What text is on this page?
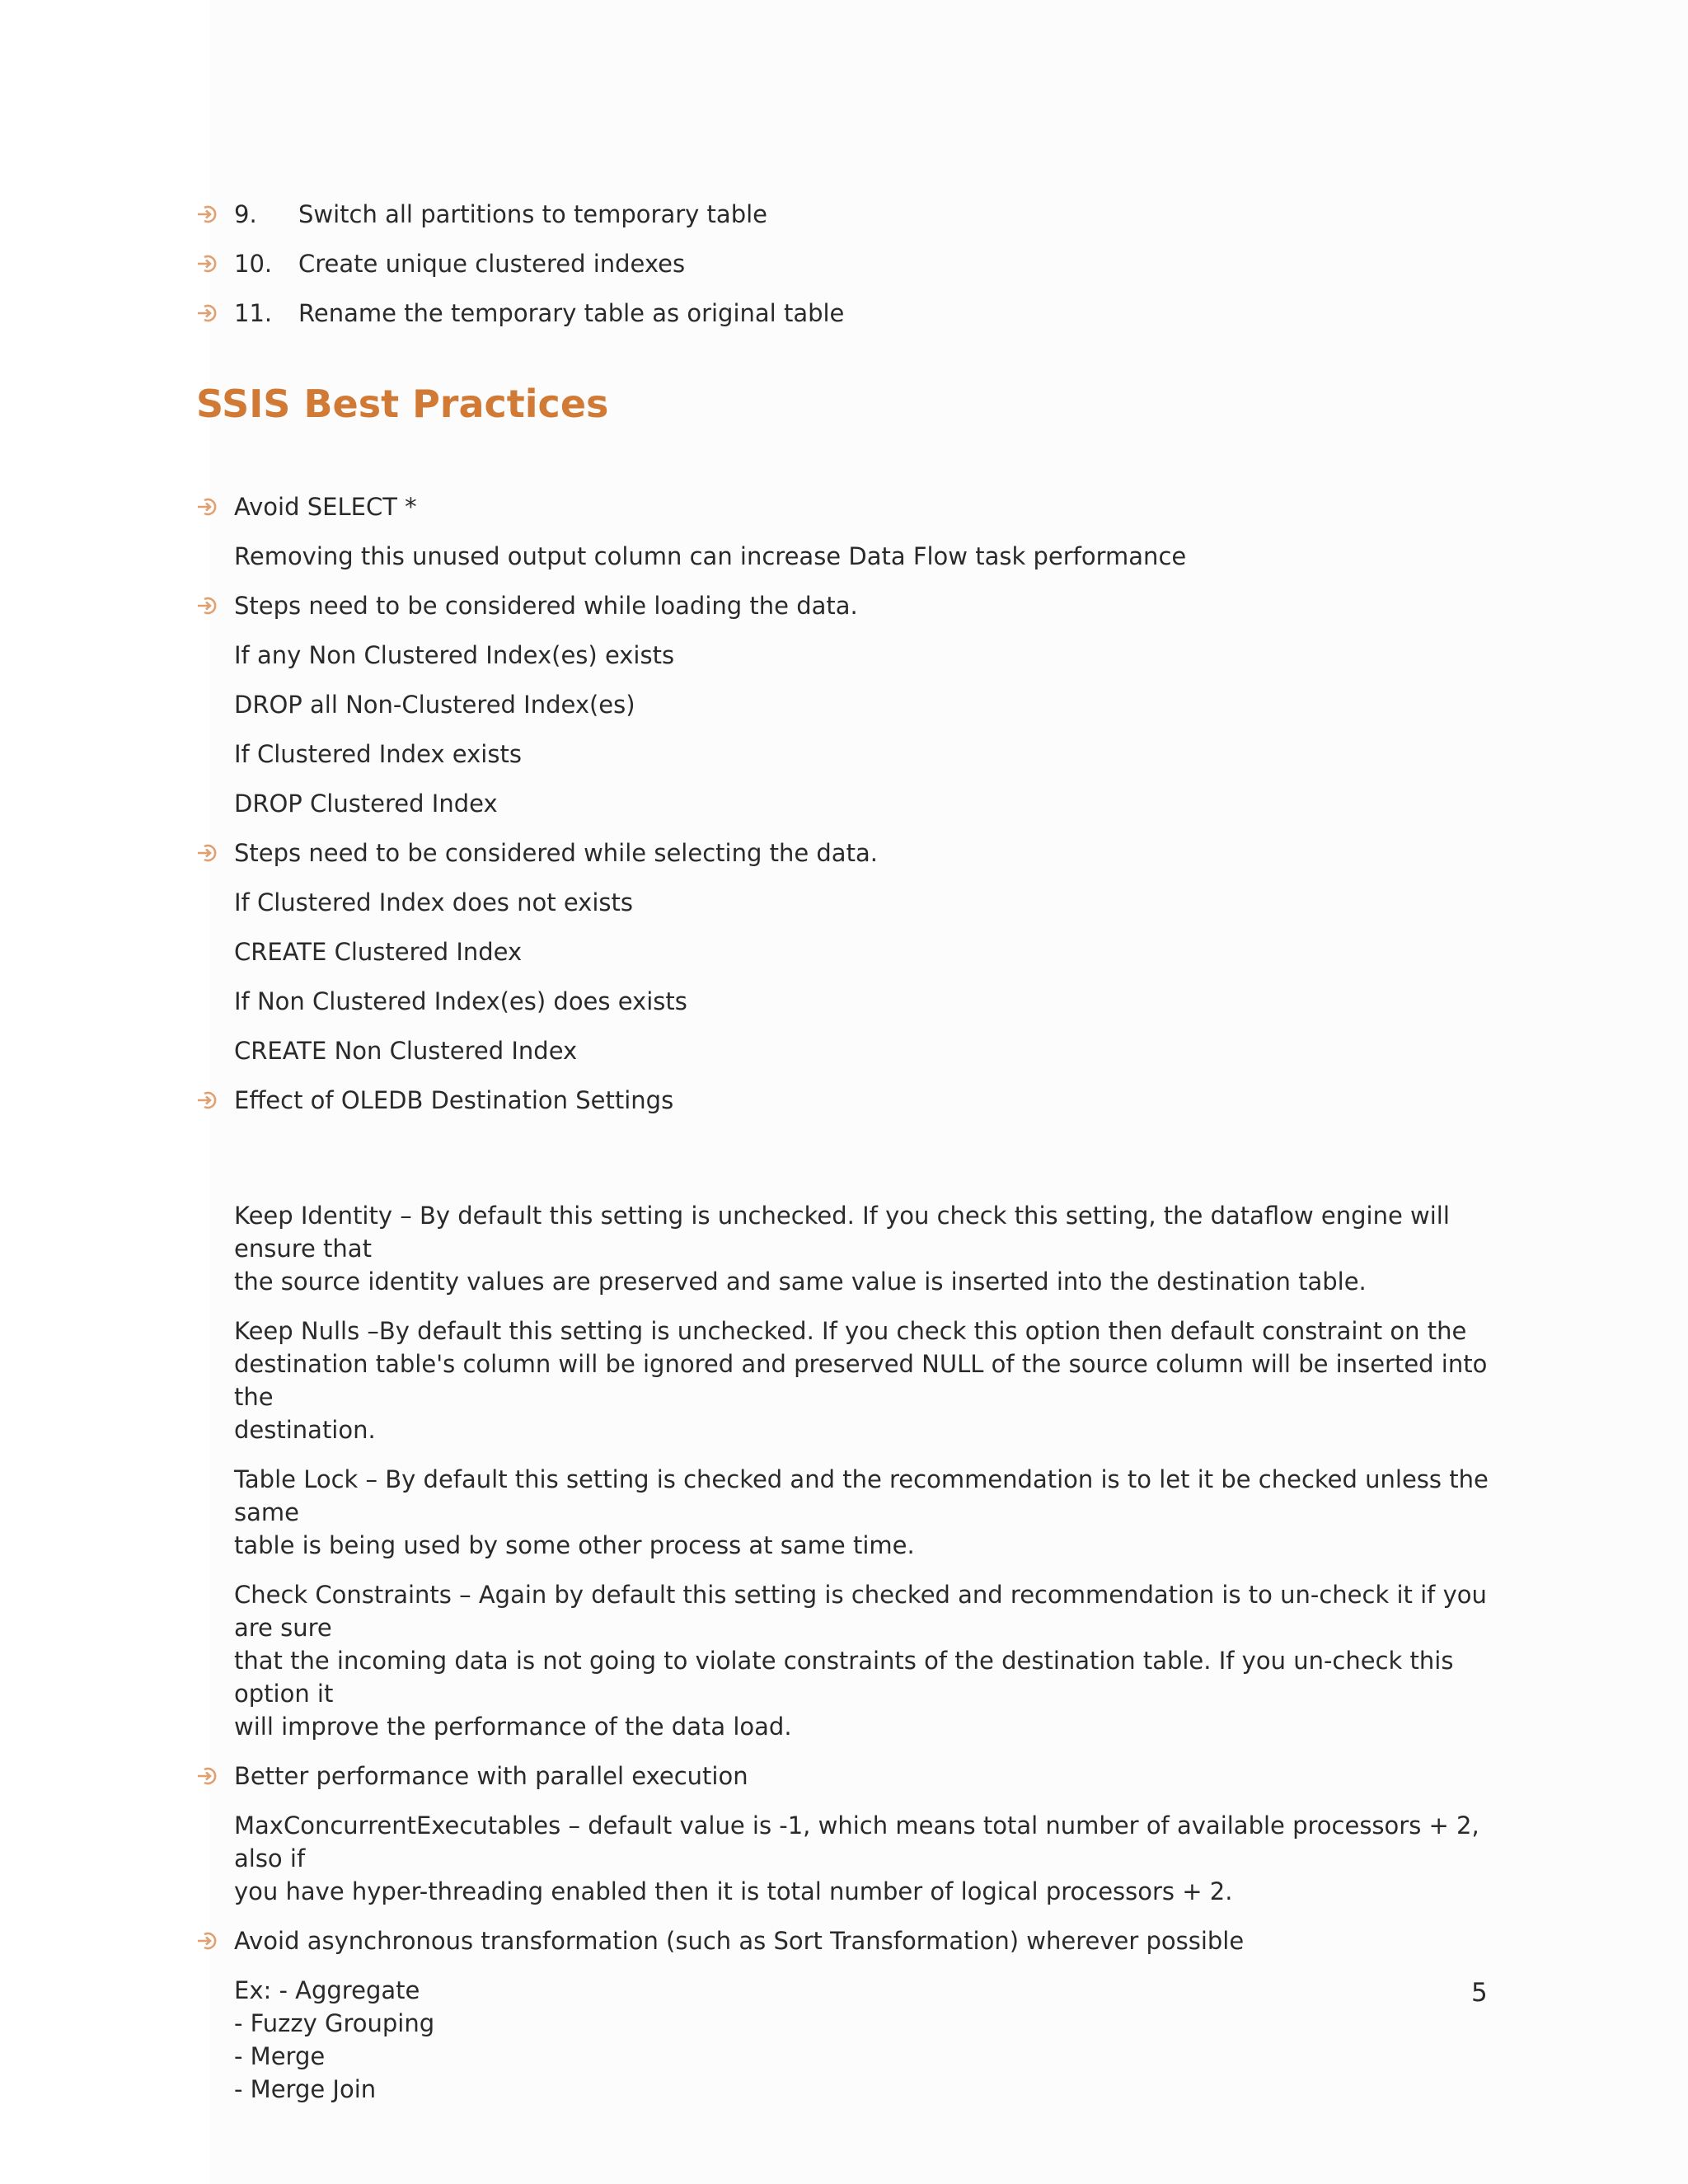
9. Switch all partitions to temporary table
10. Create unique clustered indexes
11. Rename the temporary table as original table
SSIS Best Practices
Avoid SELECT *
Removing this unused output column can increase Data Flow task performance
Steps need to be considered while loading the data.
If any Non Clustered Index(es) exists
DROP all Non-Clustered Index(es)
If Clustered Index exists
DROP Clustered Index
Steps need to be considered while selecting the data.
If Clustered Index does not exists
CREATE Clustered Index
If Non Clustered Index(es) does exists
CREATE Non Clustered Index
Effect of OLEDB Destination Settings
Keep Identity – By default this setting is unchecked. If you check this setting, the dataflow engine will ensure that
the source identity values are preserved and same value is inserted into the destination table.
Keep Nulls –By default this setting is unchecked. If you check this option then default constraint on the
destination table's column will be ignored and preserved NULL of the source column will be inserted into the
destination.
Table Lock – By default this setting is checked and the recommendation is to let it be checked unless the same
table is being used by some other process at same time.
Check Constraints – Again by default this setting is checked and recommendation is to un-check it if you are sure
that the incoming data is not going to violate constraints of the destination table. If you un-check this option it
will improve the performance of the data load.
Better performance with parallel execution
MaxConcurrentExecutables – default value is -1, which means total number of available processors + 2, also if
you have hyper-threading enabled then it is total number of logical processors + 2.
Avoid asynchronous transformation (such as Sort Transformation) wherever possible
Ex: - Aggregate
- Fuzzy Grouping
- Merge
- Merge Join
5
